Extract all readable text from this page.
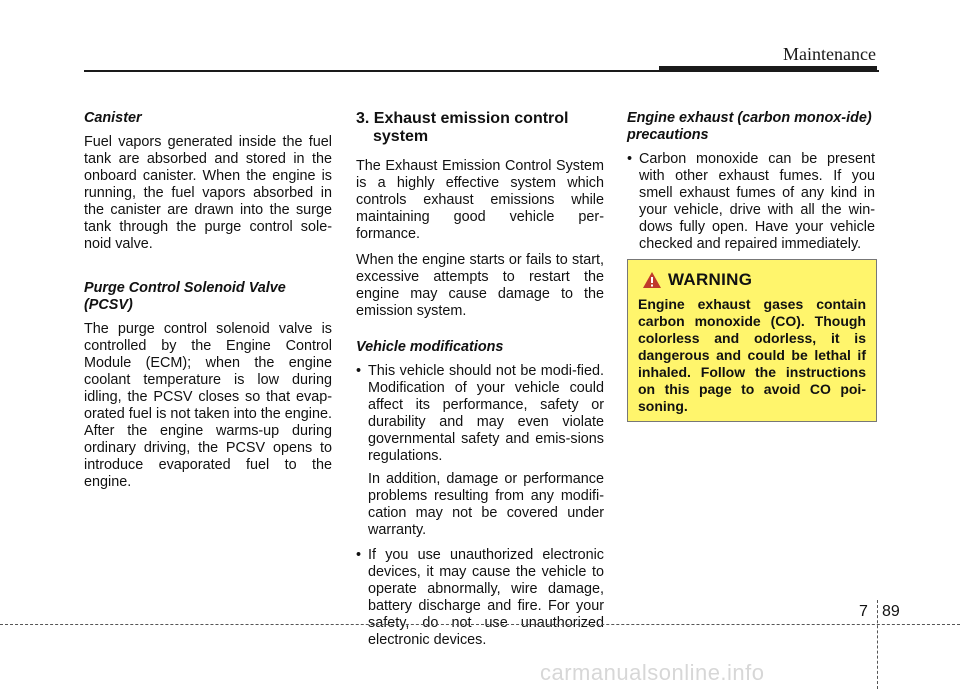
Maintenance
Canister

Fuel vapors generated inside the fuel tank are absorbed and stored in the onboard canister. When the engine is running, the fuel vapors absorbed in the canister are drawn into the surge tank through the purge control sole-noid valve.

Purge Control Solenoid Valve (PCSV)

The purge control solenoid valve is controlled by the Engine Control Module (ECM); when the engine coolant temperature is low during idling, the PCSV closes so that evap-orated fuel is not taken into the engine. After the engine warms-up during ordinary driving, the PCSV opens to introduce evaporated fuel to the engine.

3. Exhaust emission control system

The Exhaust Emission Control System is a highly effective system which controls exhaust emissions while maintaining good vehicle per-formance.

When the engine starts or fails to start, excessive attempts to restart the engine may cause damage to the emission system.

Vehicle modifications
• This vehicle should not be modi-fied. Modification of your vehicle could affect its performance, safety or durability and may even violate governmental safety and emis-sions regulations.

In addition, damage or performance problems resulting from any modifi-cation may not be covered under warranty.

• If you use unauthorized electronic devices, it may cause the vehicle to operate abnormally, wire damage, battery discharge and fire. For your safety, do not use unauthorized electronic devices.

Engine exhaust (carbon monox-ide) precautions
• Carbon monoxide can be present with other exhaust fumes. If you smell exhaust fumes of any kind in your vehicle, drive with all the win-dows fully open. Have your vehicle checked and repaired immediately.

WARNING
Engine exhaust gases contain carbon monoxide (CO). Though colorless and odorless, it is dangerous and could be lethal if inhaled. Follow the instructions on this page to avoid CO poi-soning.
7 89
carmanualsonline.info
